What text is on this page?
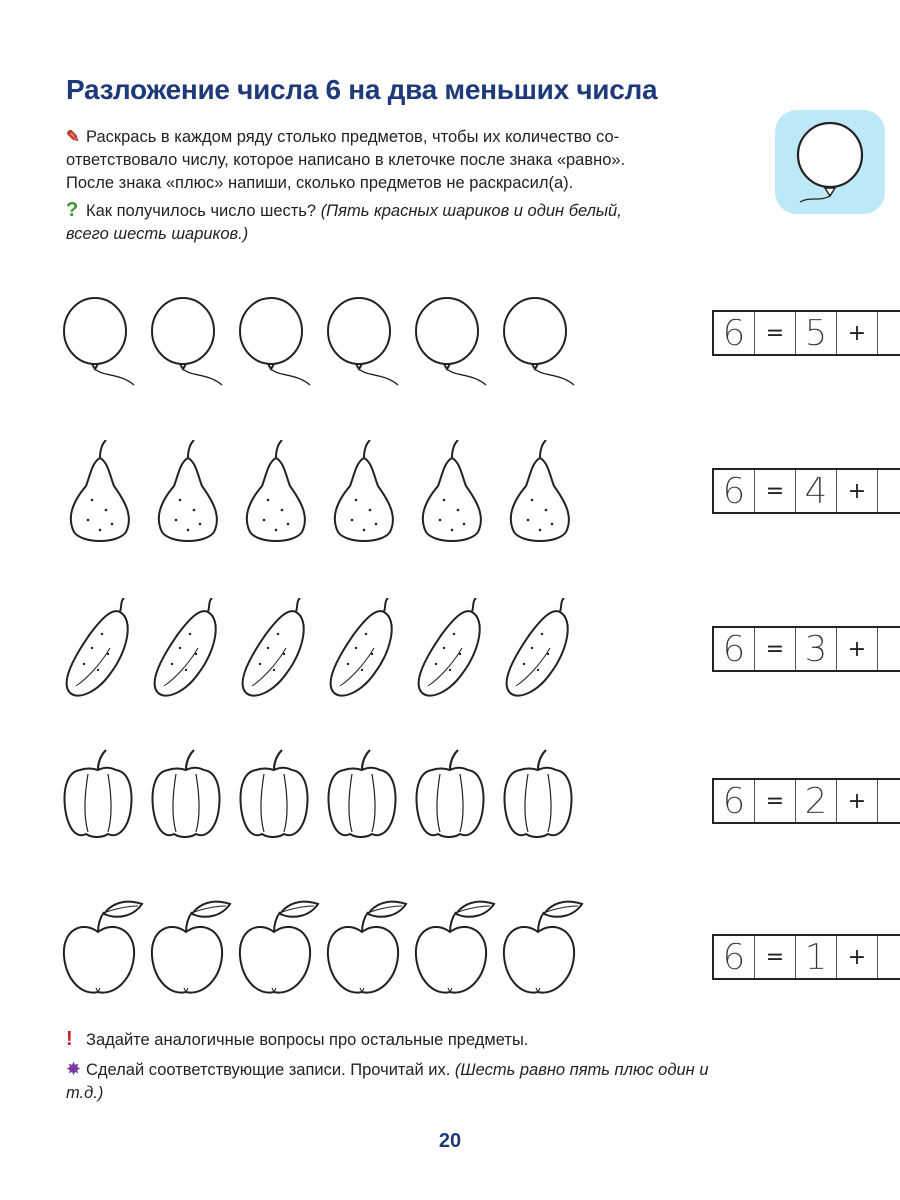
Разложение числа 6 на два меньших числа

✎ Раскрась в каждом ряду столько предметов, чтобы их количество со-
ответствовало числу, которое написано в клеточке после знака «равно».
После знака «плюс» напиши, сколько предметов не раскрасил(а).

? Как получилось число шесть? (Пять красных шариков и один белый,
всего шесть шариков.)

6 = 5 +
6 = 4 +
6 = 3 +
6 = 2 +
6 = 1 +

! Задайте аналогичные вопросы про остальные предметы.

✸ Сделай соответствующие записи. Прочитай их. (Шесть равно пять плюс один и
т.д.)

20
